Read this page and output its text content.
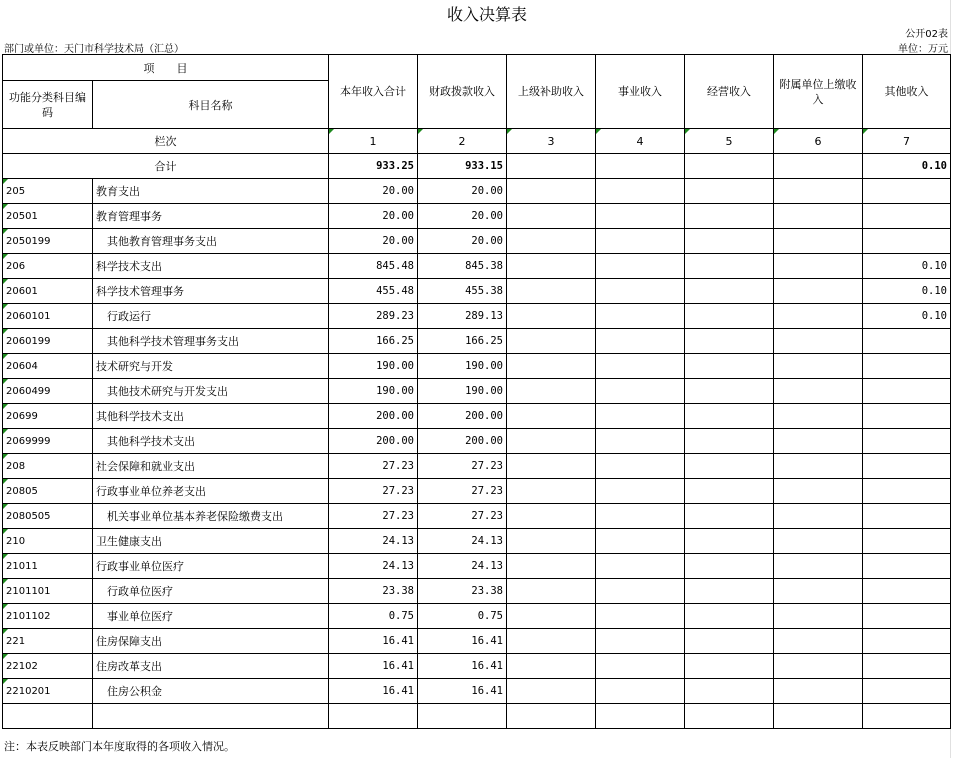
收入决算表
公开02表
部门或单位：天门市科学技术局（汇总）	单位：万元
项　　目		本年收入合计	财政拨款收入	上级补助收入	事业收入	经营收入	附属单位上缴收入	其他收入
功能分类科目编码	科目名称							
栏次		1	2	3	4	5	6	7
合计		933.25	933.15					0.10
205	教育支出	20.00	20.00					
20501	教育管理事务	20.00	20.00					
2050199	其他教育管理事务支出	20.00	20.00					
206	科学技术支出	845.48	845.38					0.10
20601	科学技术管理事务	455.48	455.38					0.10
2060101	行政运行	289.23	289.13					0.10
2060199	其他科学技术管理事务支出	166.25	166.25					
20604	技术研究与开发	190.00	190.00					
2060499	其他技术研究与开发支出	190.00	190.00					
20699	其他科学技术支出	200.00	200.00					
2069999	其他科学技术支出	200.00	200.00					
208	社会保障和就业支出	27.23	27.23					
20805	行政事业单位养老支出	27.23	27.23					
2080505	机关事业单位基本养老保险缴费支出	27.23	27.23					
210	卫生健康支出	24.13	24.13					
21011	行政事业单位医疗	24.13	24.13					
2101101	行政单位医疗	23.38	23.38					
2101102	事业单位医疗	0.75	0.75					
221	住房保障支出	16.41	16.41					
22102	住房改革支出	16.41	16.41					
2210201	住房公积金	16.41	16.41					

注：本表反映部门本年度取得的各项收入情况。
